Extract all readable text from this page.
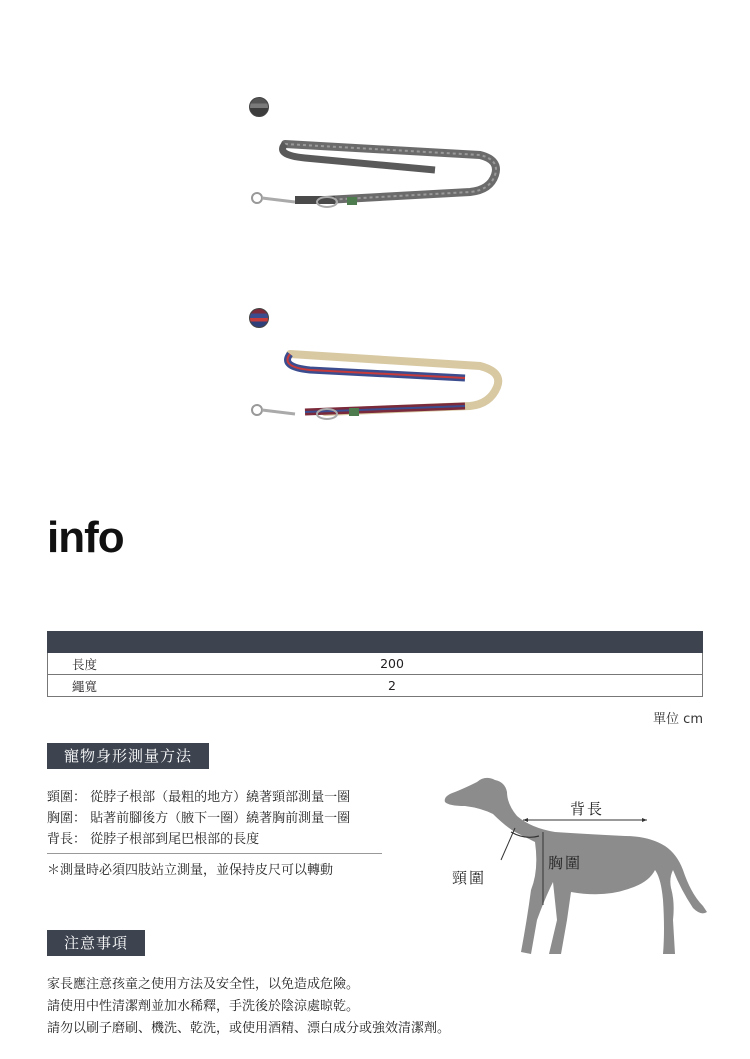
info
長度	200
繩寬	2
單位 cm
寵物身形測量方法
頸圍： 從脖子根部（最粗的地方）繞著頸部測量一圈
胸圍： 貼著前腳後方（腋下一圈）繞著胸前測量一圈
背長： 從脖子根部到尾巴根部的長度
＊測量時必須四肢站立測量，並保持皮尺可以轉動
背長
胸圍
頸圍
注意事項
家長應注意孩童之使用方法及安全性，以免造成危險。
請使用中性清潔劑並加水稀釋，手洗後於陰涼處晾乾。
請勿以刷子磨刷、機洗、乾洗，或使用酒精、漂白成分或強效清潔劑。
